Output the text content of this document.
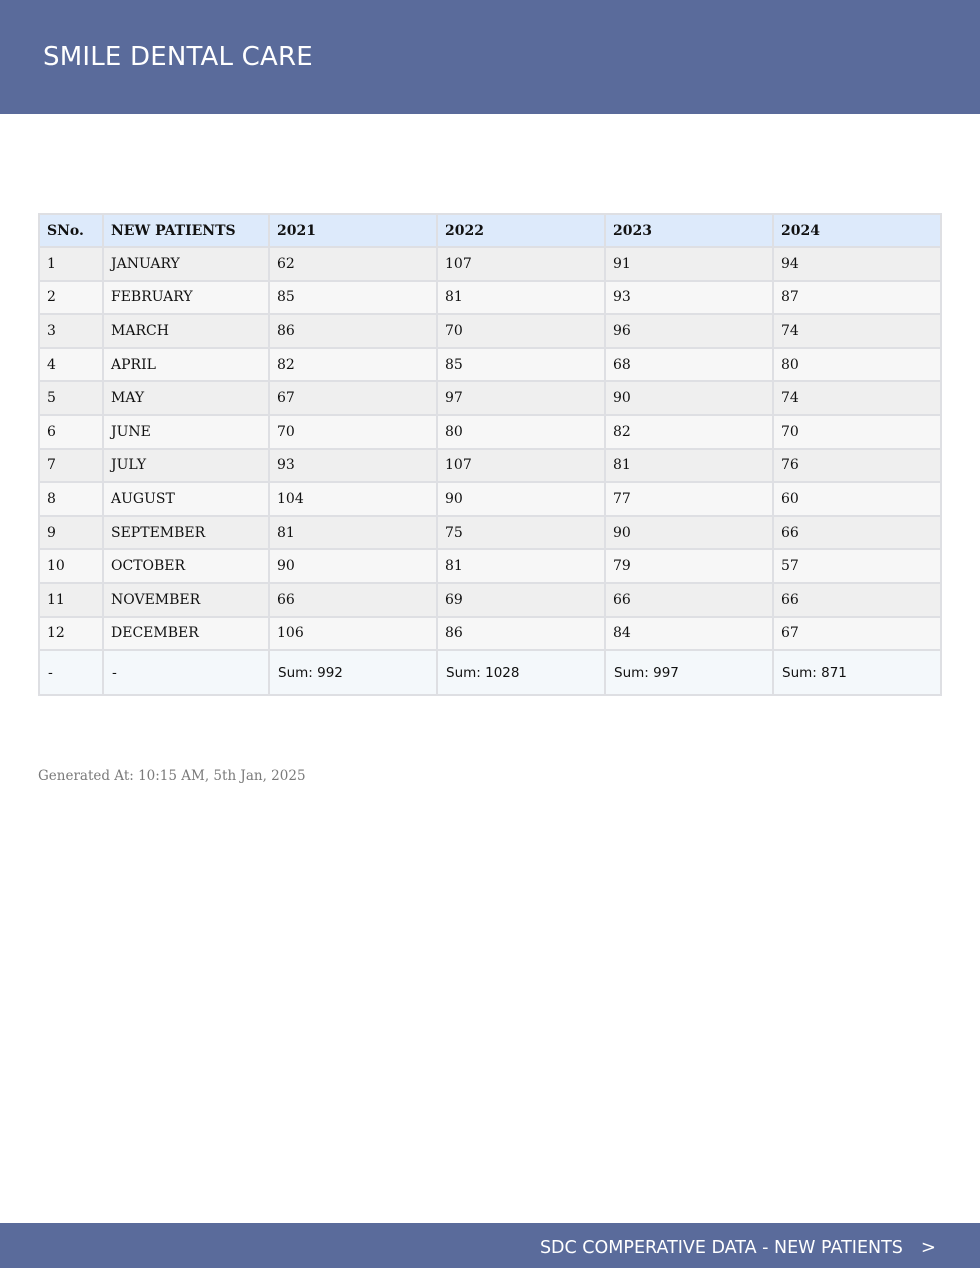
SMILE DENTAL CARE
SNo.	NEW PATIENTS	2021	2022	2023	2024
1	JANUARY	62	107	91	94
2	FEBRUARY	85	81	93	87
3	MARCH	86	70	96	74
4	APRIL	82	85	68	80
5	MAY	67	97	90	74
6	JUNE	70	80	82	70
7	JULY	93	107	81	76
8	AUGUST	104	90	77	60
9	SEPTEMBER	81	75	90	66
10	OCTOBER	90	81	79	57
11	NOVEMBER	66	69	66	66
12	DECEMBER	106	86	84	67
-	-	Sum: 992	Sum: 1028	Sum: 997	Sum: 871
Generated At: 10:15 AM, 5th Jan, 2025
SDC COMPERATIVE DATA - NEW PATIENTS >
